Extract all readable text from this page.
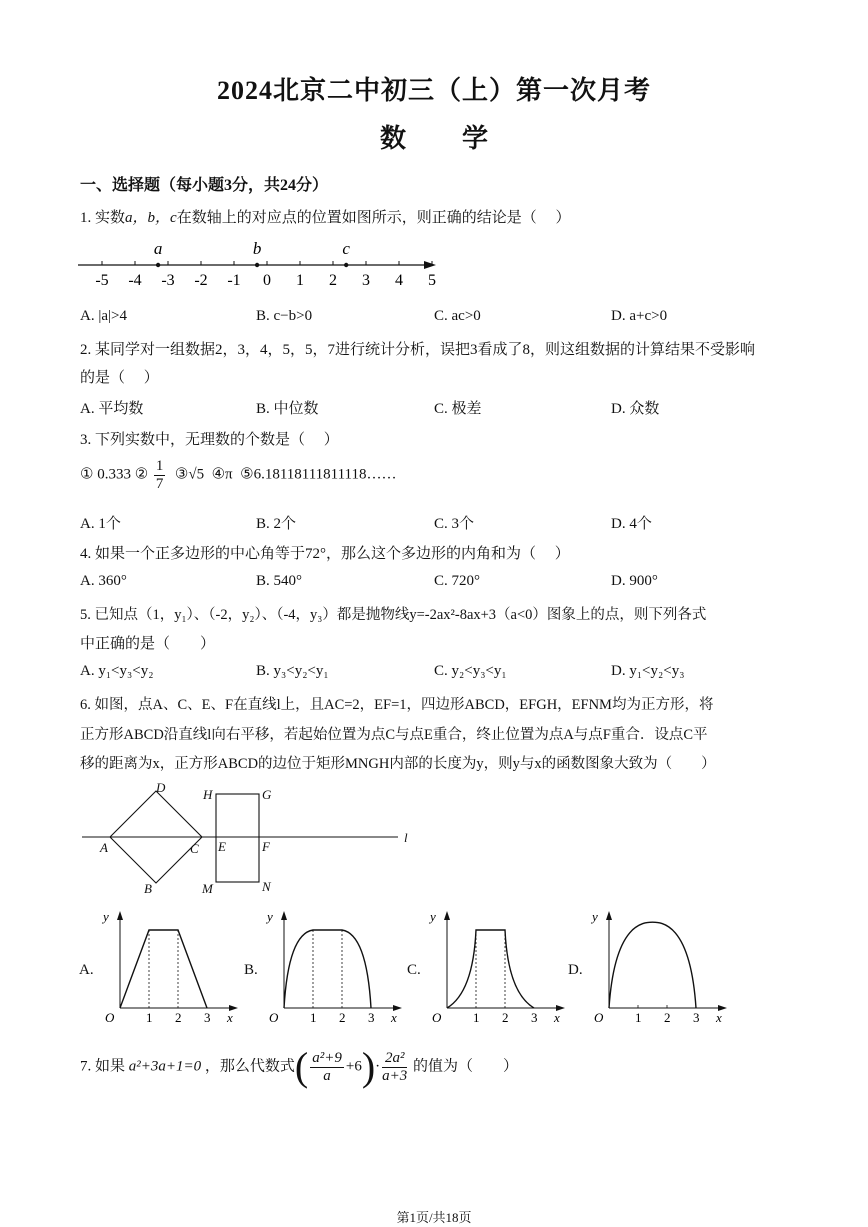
2024北京二中初三（上）第一次月考
数学
一、选择题（每小题3分，共24分）
1. 实数a，b，c在数轴上的对应点的位置如图所示，则正确的结论是（　 ）
-5 -4 -3 -2 -1 0 1 2 3 4 5
a	b	c
A. |a|>4	B. c−b>0	C. ac>0	D. a+c>0
2. 某同学对一组数据2，3，4，5，5，7进行统计分析，误把3看成了8，则这组数据的计算结果不受影响
的是（　 ）
A. 平均数	B. 中位数	C. 极差	D. 众数
3. 下列实数中，无理数的个数是（　 ）
① 0.333 ② $\frac{1}{7}$ ③√5 ④π ⑤6.18118111811118……
A. 1个	B. 2个	C. 3个	D. 4个
4. 如果一个正多边形的中心角等于72°，那么这个多边形的内角和为（　 ）
A. 360°	B. 540°	C. 720°	D. 900°
5. 已知点（1，y₁）、（-2，y₂）、（-4，y₃）都是抛物线y=-2ax²-8ax+3（a<0）图象上的点，则下列各式
中正确的是（　　）
A. y₁<y₃<y₂	B. y₃<y₂<y₁	C. y₂<y₃<y₁	D. y₁<y₂<y₃
6. 如图，点A、C、E、F在直线l上，且AC=2，EF=1，四边形ABCD，EFGH，EFNM均为正方形，将
正方形ABCD沿直线l向右平移，若起始位置为点C与点E重合，终止位置为点A与点F重合．设点C平
移的距离为x，正方形ABCD的边位于矩形MNGH内部的长度为y，则y与x的函数图象大致为（　　）
D	H	G
A	C E	F
l
B	M	N
A.	B.	C.	D.
O 1 2 3 x
y
O 1 2 3 x
y
O 1 2 3 x
y
O 1 2 3 x
y
7. 如果 a²+3a+1=0 ，那么代数式( $\frac{\text{a²+9}}{a} +6)\cdot \frac{\text{2a²}}{a+3}$ 的值为（　　）
第1页/共18页
